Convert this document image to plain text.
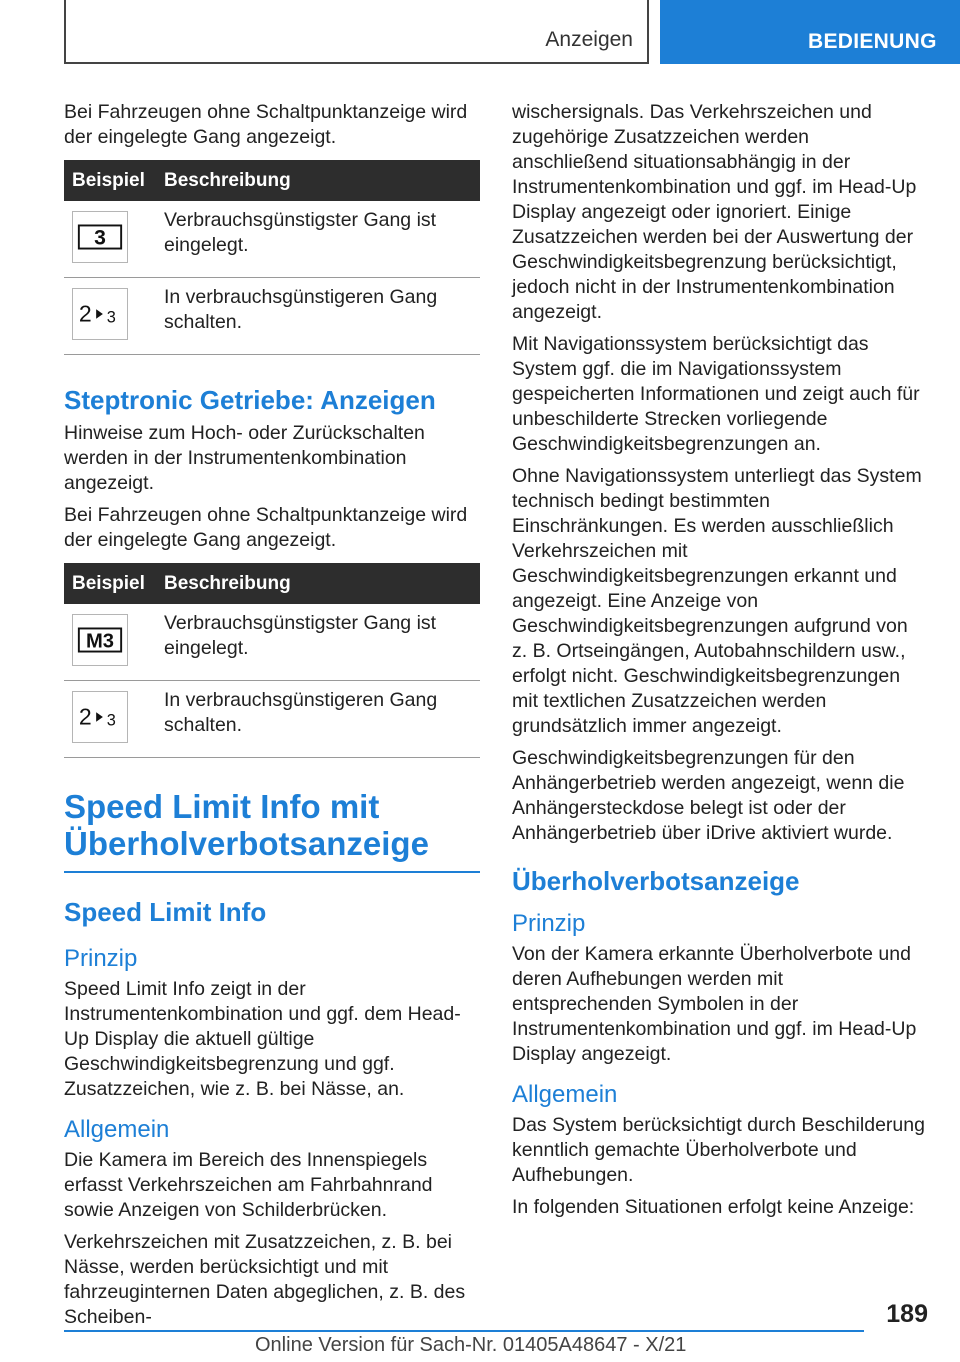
Anzeigen	BEDIENUNG

Bei Fahrzeugen ohne Schaltpunktanzeige wird der eingelegte Gang angezeigt.

Beispiel	Beschreibung

3	Verbrauchsgünstigster Gang ist eingelegt.

2 3	In verbrauchsgünstigeren Gang schalten.
Steptronic Getriebe: Anzeigen

Hinweise zum Hoch- oder Zurückschalten werden in der Instrumentenkombination angezeigt.

Bei Fahrzeugen ohne Schaltpunktanzeige wird der eingelegte Gang angezeigt.

Beispiel	Beschreibung

M3	Verbrauchsgünstigster Gang ist eingelegt.

2 3	In verbrauchsgünstigeren Gang schalten.
Speed Limit Info mit Überholverbotsanzeige
Speed Limit Info
Prinzip

Speed Limit Info zeigt in der Instrumentenkombination und ggf. dem Head-Up Display die aktuell gültige Geschwindigkeitsbegrenzung und ggf. Zusatzzeichen, wie z. B. bei Nässe, an.

Allgemein

Die Kamera im Bereich des Innenspiegels erfasst Verkehrszeichen am Fahrbahnrand sowie Anzeigen von Schilderbrücken.

Verkehrszeichen mit Zusatzzeichen, z. B. bei Nässe, werden berücksichtigt und mit fahrzeuginternen Daten abgeglichen, z. B. des Scheiben-

wischersignals. Das Verkehrszeichen und zugehörige Zusatzzeichen werden anschließend situationsabhängig in der Instrumentenkombination und ggf. im Head-Up Display angezeigt oder ignoriert. Einige Zusatzzeichen werden bei der Auswertung der Geschwindigkeitsbegrenzung berücksichtigt, jedoch nicht in der Instrumentenkombination angezeigt.

Mit Navigationssystem berücksichtigt das System ggf. die im Navigationssystem gespeicherten Informationen und zeigt auch für unbeschilderte Strecken vorliegende Geschwindigkeitsbegrenzungen an.

Ohne Navigationssystem unterliegt das System technisch bedingt bestimmten Einschränkungen. Es werden ausschließlich Verkehrszeichen mit Geschwindigkeitsbegrenzungen erkannt und angezeigt. Eine Anzeige von Geschwindigkeitsbegrenzungen aufgrund von z. B. Ortseingängen, Autobahnschildern usw., erfolgt nicht. Geschwindigkeitsbegrenzungen mit textlichen Zusatzzeichen werden grundsätzlich immer angezeigt.

Geschwindigkeitsbegrenzungen für den Anhängerbetrieb werden angezeigt, wenn die Anhängersteckdose belegt ist oder der Anhängerbetrieb über iDrive aktiviert wurde.

Überholverbotsanzeige
Prinzip

Von der Kamera erkannte Überholverbote und deren Aufhebungen werden mit entsprechenden Symbolen in der Instrumentenkombination und ggf. im Head-Up Display angezeigt.

Allgemein

Das System berücksichtigt durch Beschilderung kenntlich gemachte Überholverbote und Aufhebungen.

In folgenden Situationen erfolgt keine Anzeige:

189
Online Version für Sach-Nr. 01405A48647 - X/21
